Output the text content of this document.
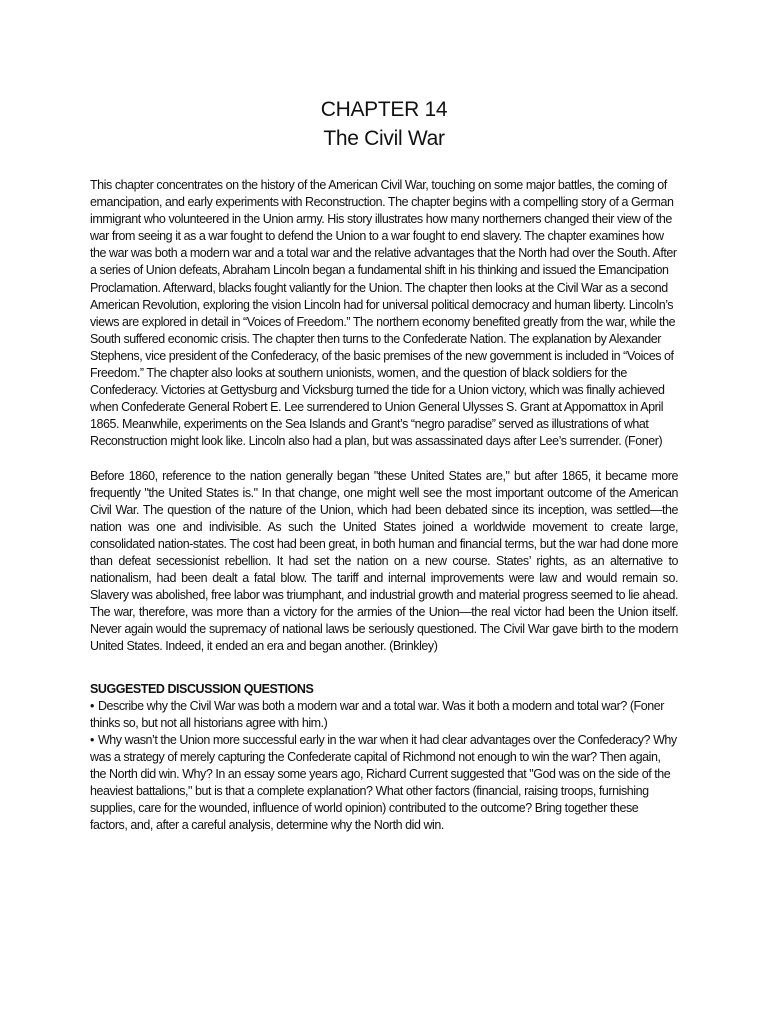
CHAPTER 14
The Civil War

This chapter concentrates on the history of the American Civil War, touching on some major battles, the coming of emancipation, and early experiments with Reconstruction. The chapter begins with a compelling story of a German immigrant who volunteered in the Union army. His story illustrates how many northerners changed their view of the war from seeing it as a war fought to defend the Union to a war fought to end slavery. The chapter examines how the war was both a modern war and a total war and the relative advantages that the North had over the South. After a series of Union defeats, Abraham Lincoln began a fundamental shift in his thinking and issued the Emancipation Proclamation. Afterward, blacks fought valiantly for the Union. The chapter then looks at the Civil War as a second American Revolution, exploring the vision Lincoln had for universal political democracy and human liberty. Lincoln’s views are explored in detail in “Voices of Freedom.” The northern economy benefited greatly from the war, while the South suffered economic crisis. The chapter then turns to the Confederate Nation. The explanation by Alexander Stephens, vice president of the Confederacy, of the basic premises of the new government is included in “Voices of Freedom.” The chapter also looks at southern unionists, women, and the question of black soldiers for the Confederacy. Victories at Gettysburg and Vicksburg turned the tide for a Union victory, which was finally achieved when Confederate General Robert E. Lee surrendered to Union General Ulysses S. Grant at Appomattox in April 1865. Meanwhile, experiments on the Sea Islands and Grant’s “negro paradise” served as illustrations of what Reconstruction might look like. Lincoln also had a plan, but was assassinated days after Lee’s surrender. (Foner)

Before 1860, reference to the nation generally began "these United States are," but after 1865, it became more frequently "the United States is." In that change, one might well see the most important outcome of the American Civil War. The question of the nature of the Union, which had been debated since its inception, was settled—the nation was one and indivisible. As such the United States joined a worldwide movement to create large, consolidated nation-states. The cost had been great, in both human and financial terms, but the war had done more than defeat secessionist rebellion. It had set the nation on a new course. States’ rights, as an alternative to nationalism, had been dealt a fatal blow. The tariff and internal improvements were law and would remain so. Slavery was abolished, free labor was triumphant, and industrial growth and material progress seemed to lie ahead. The war, therefore, was more than a victory for the armies of the Union—the real victor had been the Union itself. Never again would the supremacy of national laws be seriously questioned. The Civil War gave birth to the modern United States. Indeed, it ended an era and began another. (Brinkley)

SUGGESTED DISCUSSION QUESTIONS

• Describe why the Civil War was both a modern war and a total war. Was it both a modern and total war? (Foner thinks so, but not all historians agree with him.)

• Why wasn’t the Union more successful early in the war when it had clear advantages over the Confederacy? Why was a strategy of merely capturing the Confederate capital of Richmond not enough to win the war? Then again, the North did win. Why? In an essay some years ago, Richard Current suggested that "God was on the side of the heaviest battalions," but is that a complete explanation? What other factors (financial, raising troops, furnishing supplies, care for the wounded, influence of world opinion) contributed to the outcome? Bring together these factors, and, after a careful analysis, determine why the North did win.
